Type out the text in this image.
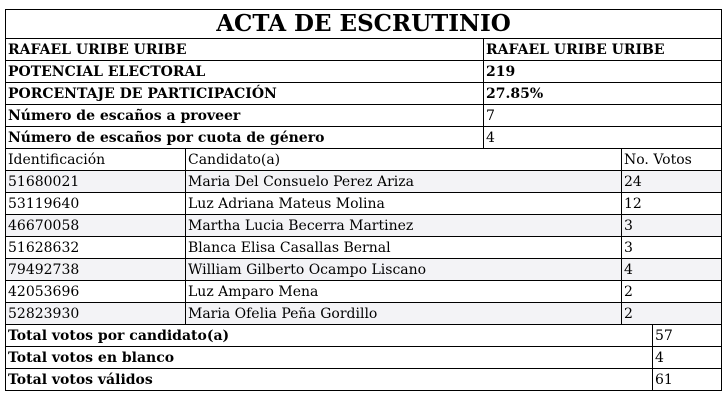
ACTA DE ESCRUTINIO				
RAFAEL URIBE URIBE		RAFAEL URIBE URIBE		
POTENCIAL ELECTORAL		219		
PORCENTAJE DE PARTICIPACIÓN		27.85%		
Número de escaños a proveer		7		
Número de escaños por cuota de género		4		
Identificación	Candidato(a)		No. Votos	
51680021	Maria Del Consuelo Perez Ariza		24	
53119640	Luz Adriana Mateus Molina		12	
46670058	Martha Lucia Becerra Martinez		3	
51628632	Blanca Elisa Casallas Bernal		3	
79492738	William Gilberto Ocampo Liscano		4	
42053696	Luz Amparo Mena		2	
52823930	Maria Ofelia Peña Gordillo		2	
Total votos por candidato(a)				57
Total votos en blanco				4
Total votos válidos				61
